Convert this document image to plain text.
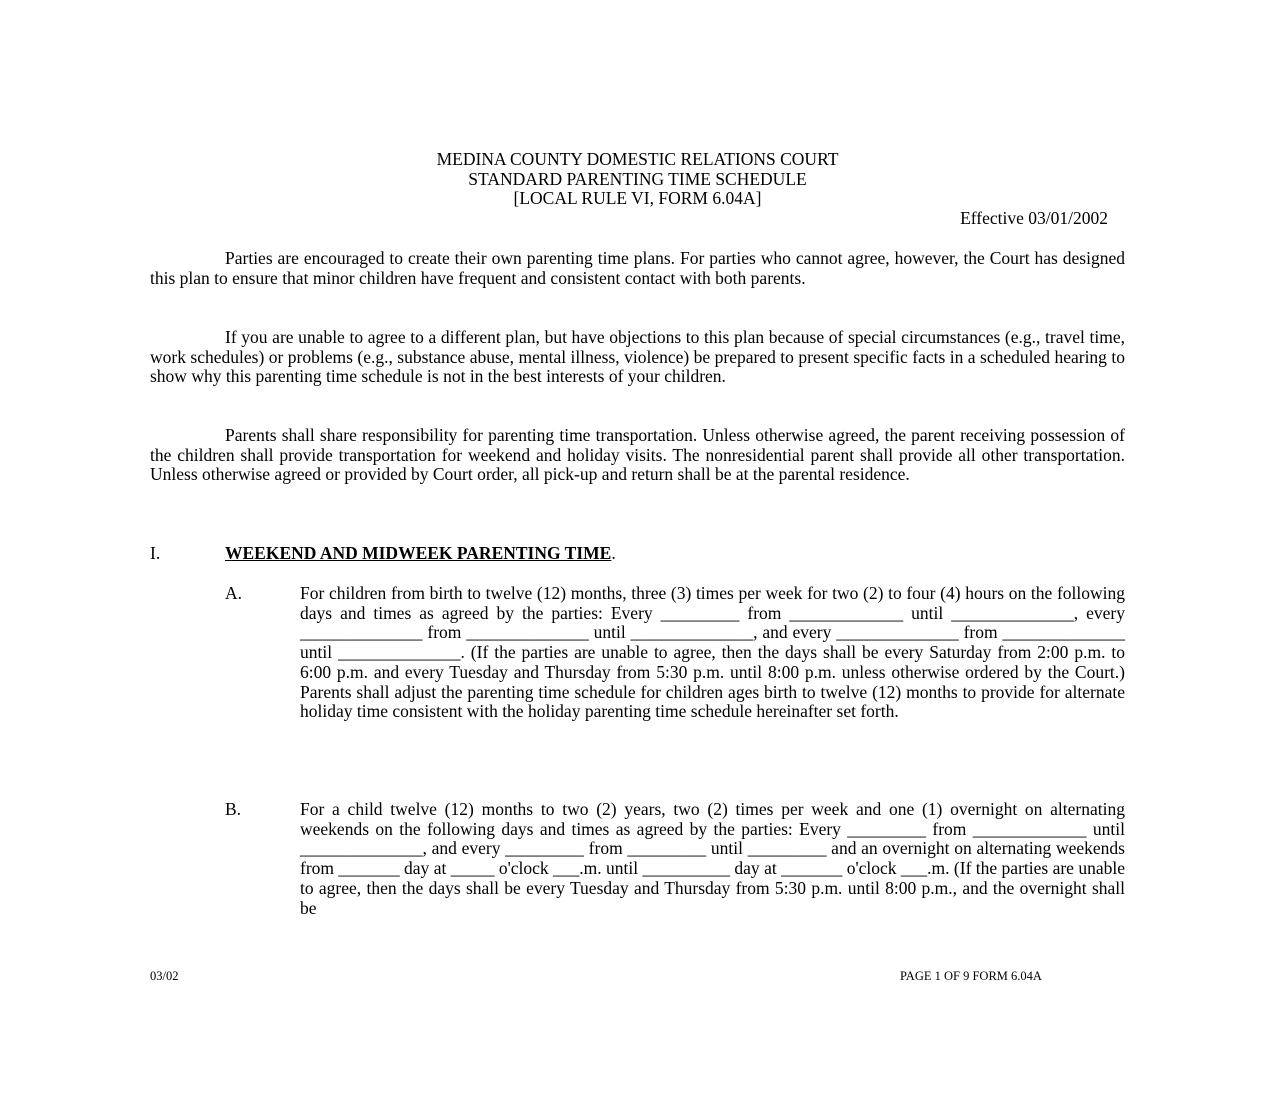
MEDINA COUNTY DOMESTIC RELATIONS COURT
STANDARD PARENTING TIME SCHEDULE
[LOCAL RULE VI, FORM 6.04A]
Effective 03/01/2002
Parties are encouraged to create their own parenting time plans. For parties who cannot agree, however, the Court has designed this plan to ensure that minor children have frequent and consistent contact with both parents.
If you are unable to agree to a different plan, but have objections to this plan because of special circumstances (e.g., travel time, work schedules) or problems (e.g., substance abuse, mental illness, violence) be prepared to present specific facts in a scheduled hearing to show why this parenting time schedule is not in the best interests of your children.
Parents shall share responsibility for parenting time transportation. Unless otherwise agreed, the parent receiving possession of the children shall provide transportation for weekend and holiday visits. The nonresidential parent shall provide all other transportation. Unless otherwise agreed or provided by Court order, all pick-up and return shall be at the parental residence.
I.	WEEKEND AND MIDWEEK PARENTING TIME.
A.	For children from birth to twelve (12) months, three (3) times per week for two (2) to four (4) hours on the following days and times as agreed by the parties: Every _________ from _____________ until ______________, every ______________ from ______________ until ______________, and every ______________ from ______________ until ______________. (If the parties are unable to agree, then the days shall be every Saturday from 2:00 p.m. to 6:00 p.m. and every Tuesday and Thursday from 5:30 p.m. until 8:00 p.m. unless otherwise ordered by the Court.) Parents shall adjust the parenting time schedule for children ages birth to twelve (12) months to provide for alternate holiday time consistent with the holiday parenting time schedule hereinafter set forth.
B.	For a child twelve (12) months to two (2) years, two (2) times per week and one (1) overnight on alternating weekends on the following days and times as agreed by the parties: Every _________ from _____________ until ______________, and every _________ from _________ until _________ and an overnight on alternating weekends from _______ day at _____ o'clock ___.m. until __________ day at _______ o'clock ___.m. (If the parties are unable to agree, then the days shall be every Tuesday and Thursday from 5:30 p.m. until 8:00 p.m., and the overnight shall be
03/02	PAGE 1 OF 9 FORM 6.04A
